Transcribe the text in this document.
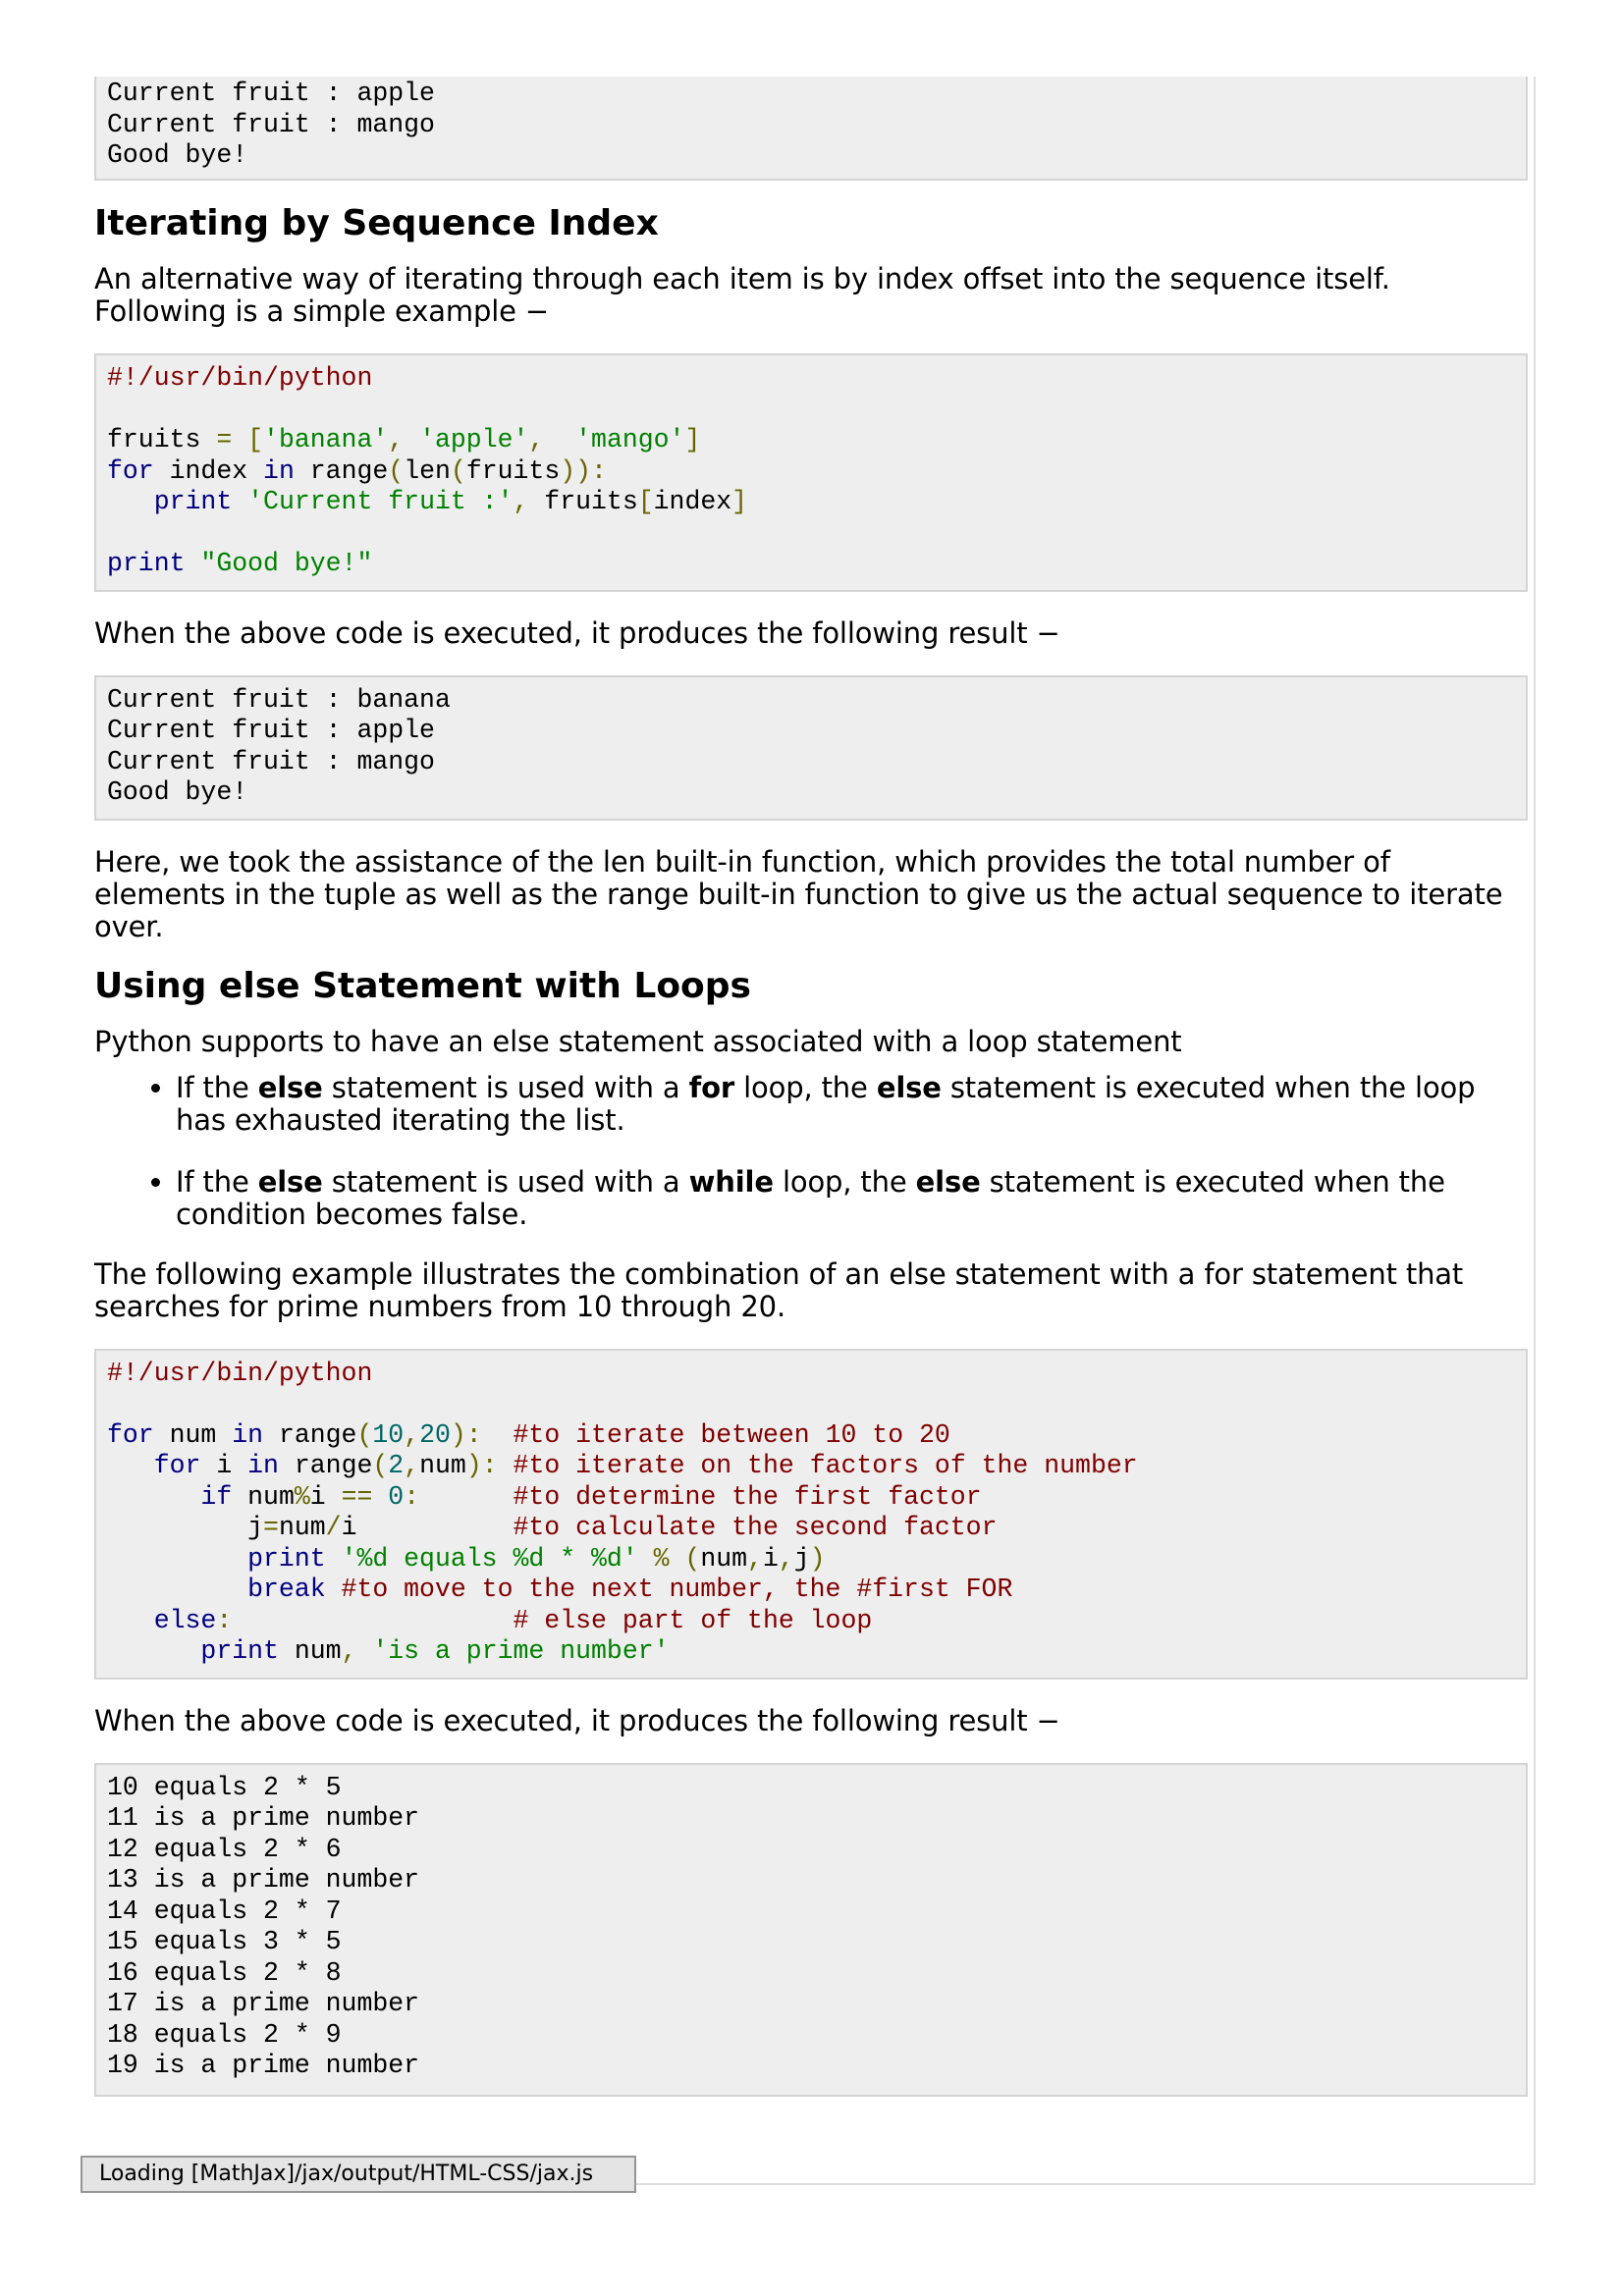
Current fruit : apple
Current fruit : mango
Good bye!
Iterating by Sequence Index

An alternative way of iterating through each item is by index offset into the sequence itself. Following is a simple example −

#!/usr/bin/python

fruits = ['banana', 'apple',  'mango']
for index in range(len(fruits)):
print 'Current fruit :', fruits[index]

print "Good bye!"

When the above code is executed, it produces the following result −

Current fruit : banana
Current fruit : apple
Current fruit : mango
Good bye!

Here, we took the assistance of the len built-in function, which provides the total number of elements in the tuple as well as the range built-in function to give us the actual sequence to iterate over.

Using else Statement with Loops

Python supports to have an else statement associated with a loop statement

• If the else statement is used with a for loop, the else statement is executed when the loop has exhausted iterating the list.
• If the else statement is used with a while loop, the else statement is executed when the condition becomes false.

The following example illustrates the combination of an else statement with a for statement that searches for prime numbers from 10 through 20.

#!/usr/bin/python

for num in range(10,20): #to iterate between 10 to 20
for i in range(2,num): #to iterate on the factors of the number
if num%i == 0:	#to determine the first factor
j=num/i          #to calculate the second factor
print '%d equals %d * %d' % (num,i,j)
break #to move to the next number, the #first FOR
else:	# else part of the loop
print num, 'is a prime number'

When the above code is executed, it produces the following result −

10 equals 2 * 5
11 is a prime number
12 equals 2 * 6
13 is a prime number
14 equals 2 * 7
15 equals 3 * 5
16 equals 2 * 8
17 is a prime number
18 equals 2 * 9
19 is a prime number
Loading [MathJax]/jax/output/HTML-CSS/jax.js
